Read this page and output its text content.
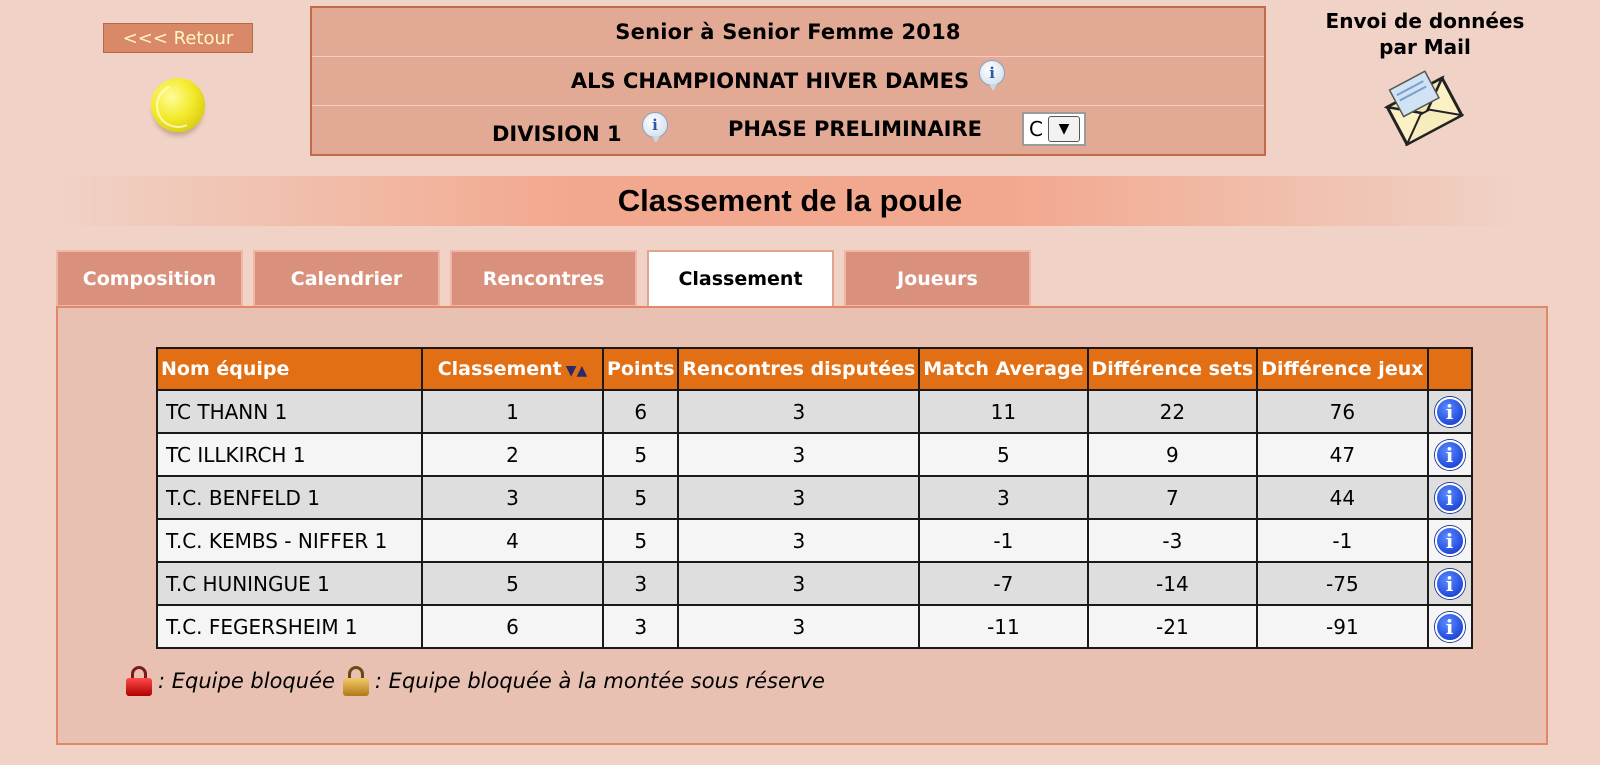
<<< Retour	Senior à Senior Femme 2018
ALS CHAMPIONNAT HIVER DAMES	i
DIVISION 1	i	PHASE PRELIMINAIRE C	▼
Envoi de données
par Mail
Classement de la poule
Composition	Calendrier	Rencontres	Classement	Joueurs
Nom équipe	Classement ▼▲	Points	Rencontres disputées	Match Average	Différence sets	Différence jeux	
TC THANN 1	1	6	3	11	22	76	i
TC ILLKIRCH 1	2	5	3	5	9	47	i
T.C. BENFELD 1	3	5	3	3	7	44	i
T.C. KEMBS - NIFFER 1	4	5	3	-1	-3	-1	i
T.C HUNINGUE 1	5	3	3	-7	-14	-75	i
T.C. FEGERSHEIM 1	6	3	3	-11	-21	-91	i
: Equipe bloquée : Equipe bloquée à la montée sous réserve
